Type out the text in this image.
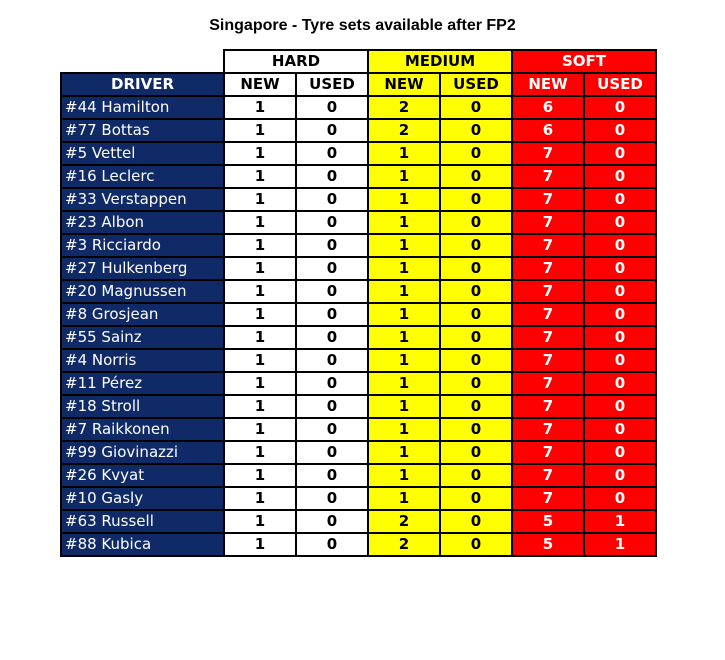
Singapore - Tyre sets available after FP2
	HARD		MEDIUM		SOFT	
DRIVER	NEW	USED	NEW	USED	NEW	USED
#44 Hamilton	1	0	2	0	6	0
#77 Bottas	1	0	2	0	6	0
#5 Vettel	1	0	1	0	7	0
#16 Leclerc	1	0	1	0	7	0
#33 Verstappen	1	0	1	0	7	0
#23 Albon	1	0	1	0	7	0
#3 Ricciardo	1	0	1	0	7	0
#27 Hulkenberg	1	0	1	0	7	0
#20 Magnussen	1	0	1	0	7	0
#8 Grosjean	1	0	1	0	7	0
#55 Sainz	1	0	1	0	7	0
#4 Norris	1	0	1	0	7	0
#11 Pérez	1	0	1	0	7	0
#18 Stroll	1	0	1	0	7	0
#7 Raikkonen	1	0	1	0	7	0
#99 Giovinazzi	1	0	1	0	7	0
#26 Kvyat	1	0	1	0	7	0
#10 Gasly	1	0	1	0	7	0
#63 Russell	1	0	2	0	5	1
#88 Kubica	1	0	2	0	5	1
